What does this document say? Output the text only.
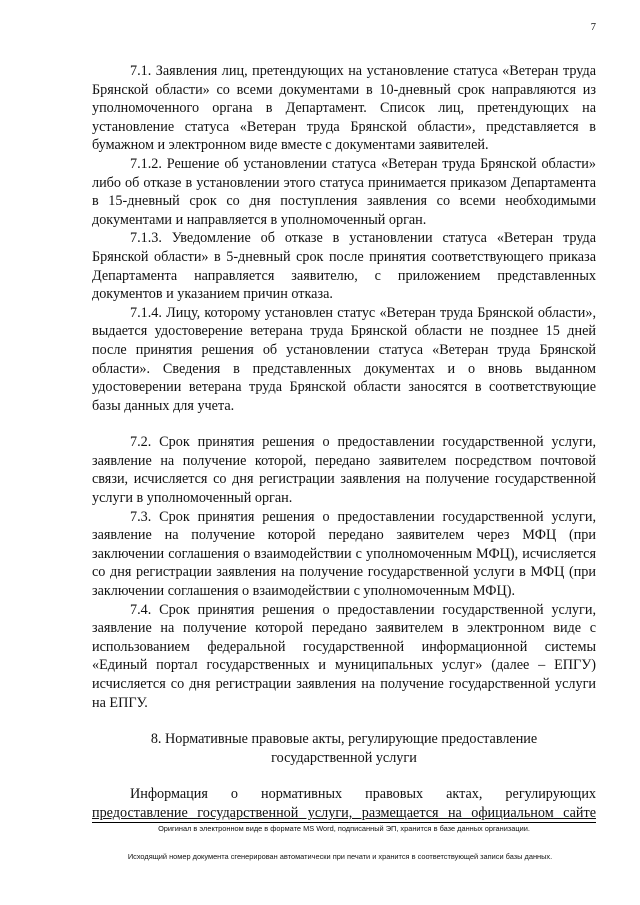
7

7.1. Заявления лиц, претендующих на установление статуса «Ветеран труда Брянской области» со всеми документами в 10-дневный срок направляются из уполномоченного органа в Департамент. Список лиц, претендующих на установление статуса «Ветеран труда Брянской области», представляется в бумажном и электронном виде вместе с документами заявителей.

7.1.2. Решение об установлении статуса «Ветеран труда Брянской области» либо об отказе в установлении этого статуса принимается приказом Департамента в 15-дневный срок со дня поступления заявления со всеми необходимыми документами и направляется в уполномоченный орган.

7.1.3. Уведомление об отказе в установлении статуса «Ветеран труда Брянской области» в 5-дневный срок после принятия соответствующего приказа Департамента направляется заявителю, с приложением представленных документов и указанием причин отказа.

7.1.4. Лицу, которому установлен статус «Ветеран труда Брянской области», выдается удостоверение ветерана труда Брянской области не позднее 15 дней после принятия решения об установлении статуса «Ветеран труда Брянской области». Сведения в представленных документах и о вновь выданном удостоверении ветерана труда Брянской области заносятся в соответствующие базы данных для учета.

7.2. Срок принятия решения о предоставлении государственной услуги, заявление на получение которой, передано заявителем посредством почтовой связи, исчисляется со дня регистрации заявления на получение государственной услуги в уполномоченный орган.

7.3. Срок принятия решения о предоставлении государственной услуги, заявление на получение которой передано заявителем через МФЦ (при заключении соглашения о взаимодействии с уполномоченным МФЦ), исчисляется со дня регистрации заявления на получение государственной услуги в МФЦ (при заключении соглашения о взаимодействии с уполномоченным МФЦ).

7.4. Срок принятия решения о предоставлении государственной услуги, заявление на получение которой передано заявителем в электронном виде с использованием федеральной государственной информационной системы «Единый портал государственных и муниципальных услуг» (далее – ЕПГУ) исчисляется со дня регистрации заявления на получение государственной услуги на ЕПГУ.

8. Нормативные правовые акты, регулирующие предоставление
государственной услуги

Информация о нормативных правовых актах, регулирующих

предоставление государственной услуги, размещается на официальном сайте

Оригинал в электронном виде в формате MS Word, подписанный ЭП, хранится в базе данных организации.
Исходящий номер документа сгенерирован автоматически при печати и хранится в соответствующей записи базы данных.
